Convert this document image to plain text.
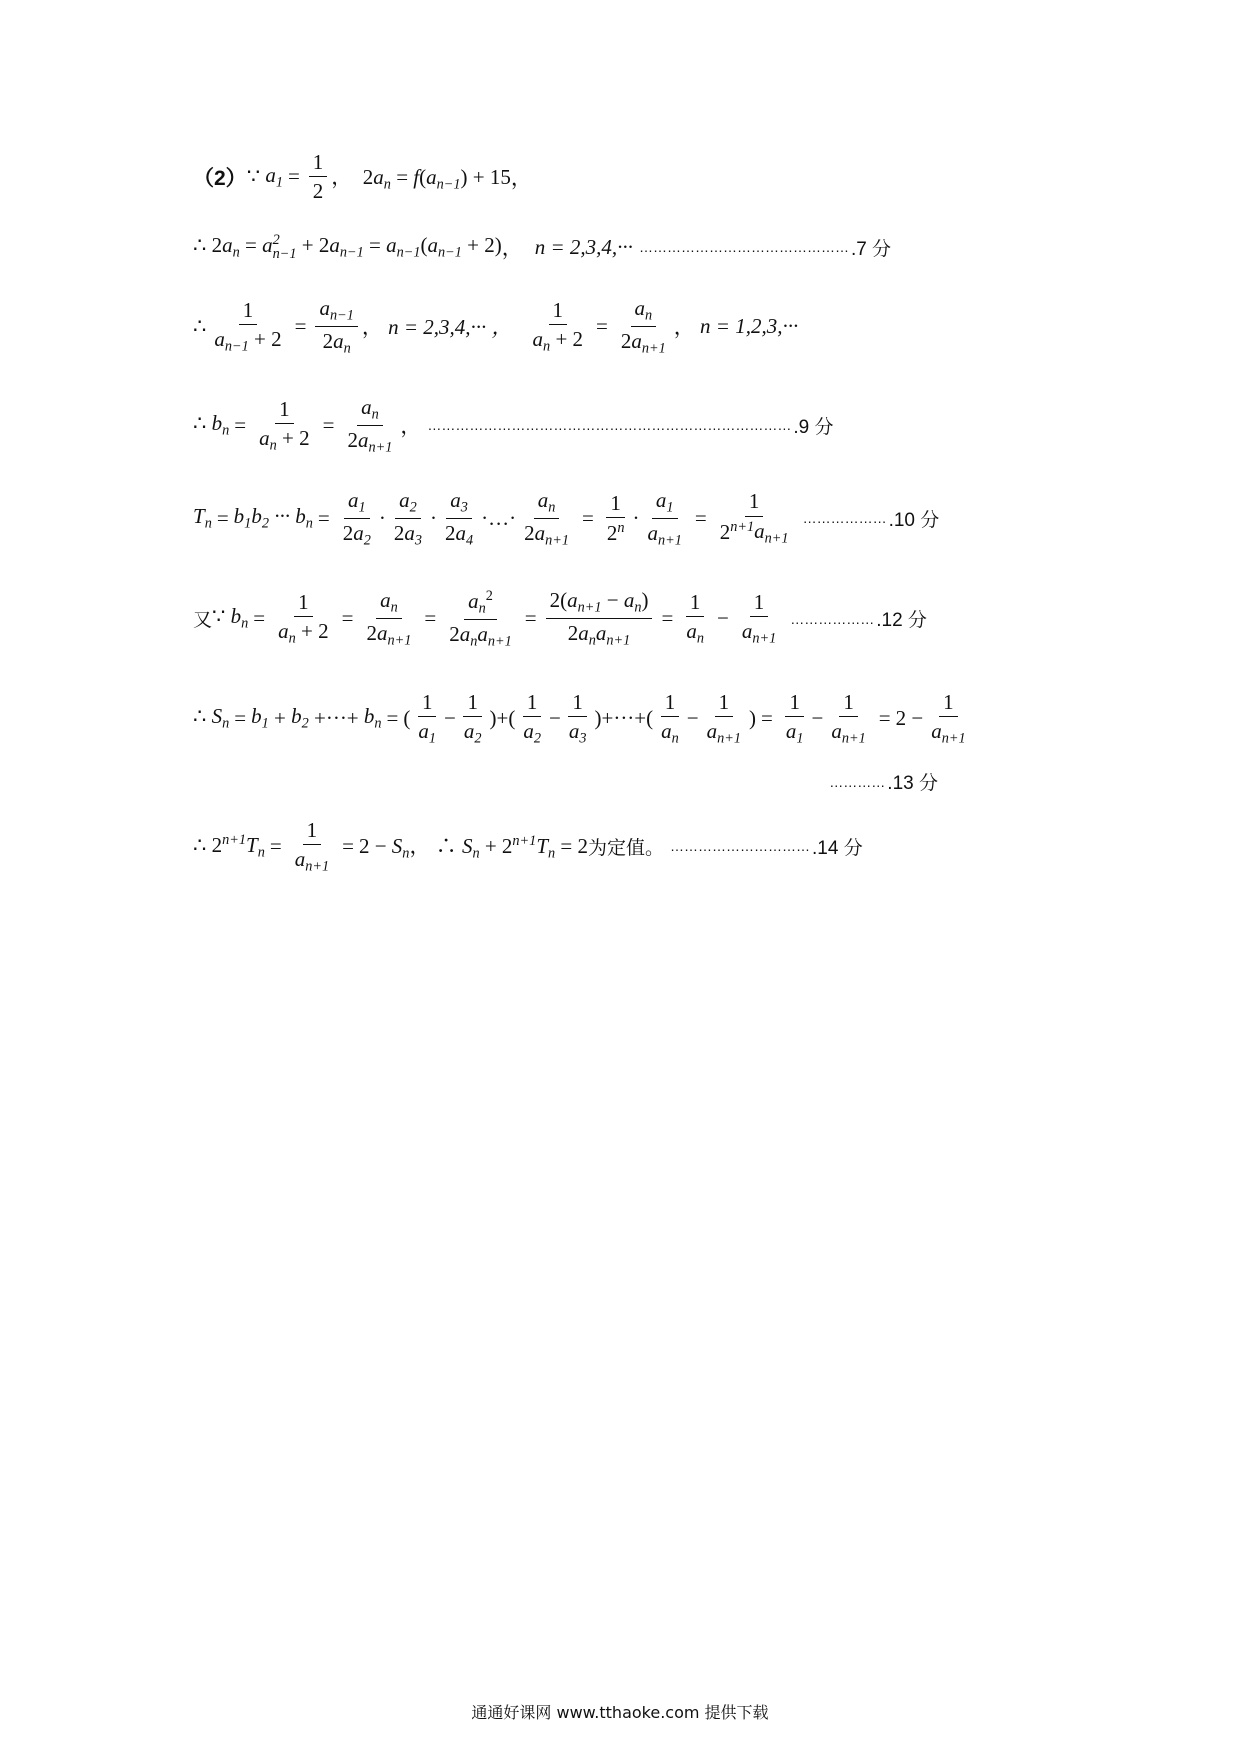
（2） ∵ $a_1 = \frac{1}{2}$ ，  $2a_n = f(a_{n-1}) + 15$ ，
∴ $2a_n = a$ 2
$n-1 + 2a_{n-1} = a_{n-1}(a_{n-1} + 2)$ ， n = 2,3,4,··· ……………………………………… .7 分
∴ $\frac{1}{a_{n-1} + 2} = \frac{a_{n-1}}{2a_n}$ ， n = 2,3,4,··· ， $\frac{1}{a_n + 2} = \frac{a_n}{2a_{n+1}}$ ， n = 1,2,3,···
∴ $b_n = \frac{1}{a_n + 2} = \frac{a_n}{2a_{n+1}}$ ， …………………………………………………………………… .9 分
$T_n = b_1b_2$ ··· $b_n = \frac{a_1}{2a_2} \cdot \frac{a_2}{2a_3} \cdot \frac{a_3}{2a_4}$ ·…· $\frac{a_n}{2a_{n+1}} = \frac{1}{2^n} \cdot \frac{a_1}{a_{n+1}} = \frac{1}{2^{n+1}a_{n+1}}$ ……………… .10 分
又 ∵ $b_n = \frac{1}{a_n + 2} = \frac{a_n}{2a_{n+1}} = \frac{a_n^2}{2a_na_{n+1}} = \frac{2(a_{n+1} - a_n)}{2a_na_{n+1}} = \frac{1}{a_n} - \frac{1}{a_{n+1}}$ ……………… .12 分
∴ $S_n = b_1 + b_2$ +···+ $b_n$ = ( $\frac{1}{a_1} - \frac{1}{a_2}$ )+( $\frac{1}{a_2} - \frac{1}{a_3}$ )+···+( $\frac{1}{a_n} - \frac{1}{a_{n+1}}$ ) = $\frac{1}{a_1} - \frac{1}{a_{n+1}} = 2 - \frac{1}{a_{n+1}}$
………… .13 分
∴ $2^{n+1}T_n = \frac{1}{a_{n+1}} = 2 - S_n$， ∴ $S_n + 2^{n+1}T_n = 2$ 为定值。 ………………………… .14 分
通通好课网 www.tthaoke.com 提供下载
